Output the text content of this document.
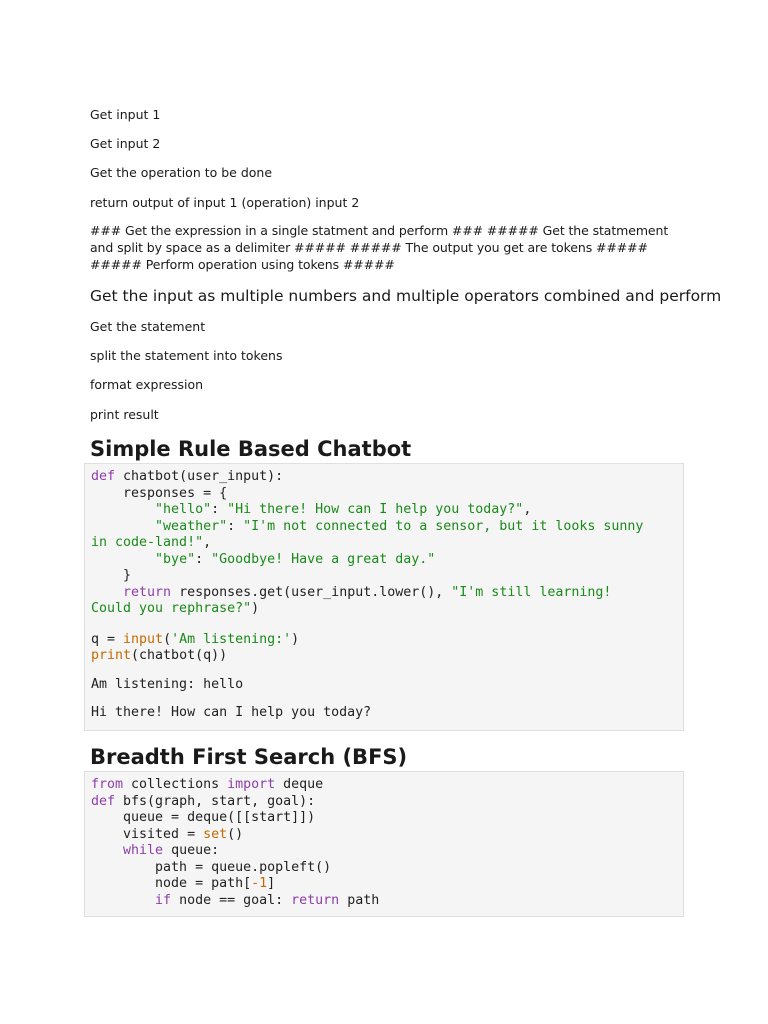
Get input 1

Get input 2

Get the operation to be done

return output of input 1 (operation) input 2

### Get the expression in a single statment and perform ### ##### Get the statmement and split by space as a delimiter ##### ##### The output you get are tokens ##### ##### Perform operation using tokens #####

Get the input as multiple numbers and multiple operators combined and perform

Get the statement

split the statement into tokens

format expression

print result

Simple Rule Based Chatbot
def chatbot(user_input):
responses = {
"hello": "Hi there! How can I help you today?",
"weather": "I'm not connected to a sensor, but it looks sunny
in code-land!",
"bye": "Goodbye! Have a great day."
}
return responses.get(user_input.lower(), "I'm still learning!
Could you rephrase?")
q = input('Am listening:')
print(chatbot(q))
Am listening: hello
Hi there! How can I help you today?
Breadth First Search (BFS)
from collections import deque
def bfs(graph, start, goal):
queue = deque([[start]])
visited = set()
while queue:
path = queue.popleft()
node = path[-1]
if node == goal: return path
